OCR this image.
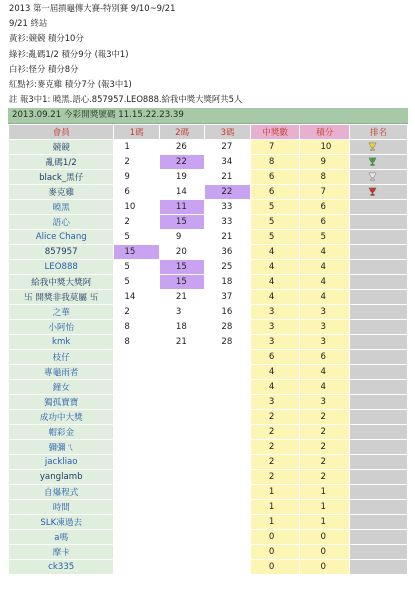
2013 第一屆摃龜傳大賽-特別賽 9/10~9/21
9/21 終站
黃衫:競競 積分10分
綠衫:亂碼1/2 積分9分 (報3中1)
白衫:怪分 積分8分
紅點衫:麥克雞 積分7分 (報3中1)
註 報3中1: 曉黑.語心.857957.LEO888.給我中獎大獎阿共5人
2013.09.21 今彩開獎號碼 11.15.22.23.39
會員	1碼	2碼	3碼	中獎數	積分	排名
競競	1	26	27	7	10	

亂碼1/2	2	22	34	8	9	

black_黑仔	9	19	21	6	8	

麥克雞	6	14	22	6	7	

曉黑	10	11	33	5	6	
語心	2	15	33	5	6	
Alice Chang	5	9	21	5	5	
857957	15	20	36	4	4	
LEO888	5	15	25	4	4	
給我中獎大獎阿	5	15	18	4	4	
卐 開獎非我莫屬 卐	14	21	37	4	4	
之華	2	3	16	3	3	
小阿怡	8	18	28	3	3	
kmk	8	21	28	3	3	
枝仔				6	6	
專龜雨者				4	4	
鐘女				4	4	
獨孤寶寶				3	3	
成功中大獎				2	2	
帽彩金				2	2	
彌彌ㄟ				2	2	
jackliao				2	2	
yanglamb				2	2	
自爆程式				1	1	
時間				1	1	
SLK凍過去				1	1	
a嗎				0	0	
摩卡				0	0	
ck335				0	0	
